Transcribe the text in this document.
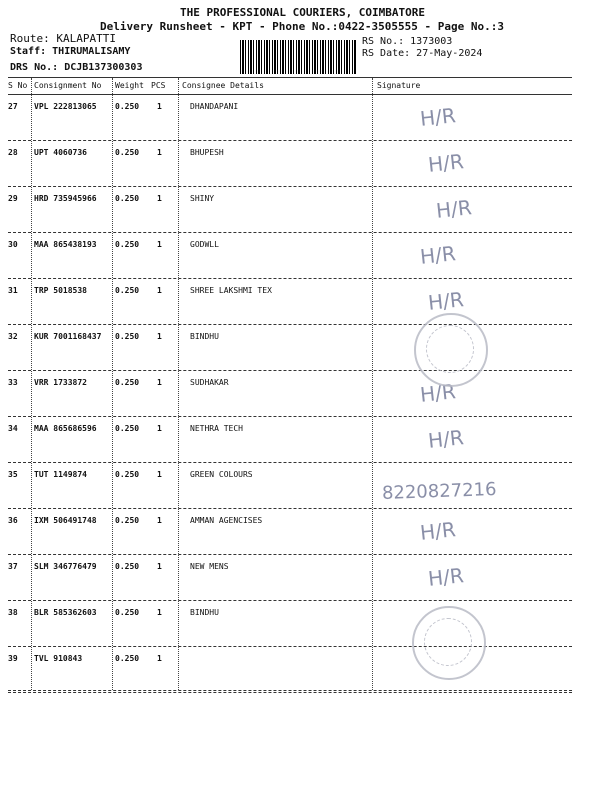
THE PROFESSIONAL COURIERS, COIMBATORE
Delivery Runsheet - KPT - Phone No.:0422-3505555 - Page No.:3
Route: KALAPATTI
Staff: THIRUMALISAMY
DRS No.: DCJB137300303
RS No.: 1373003
RS Date: 27-May-2024
S No Consignment No Weight PCS Consignee Details	Signature
27 VPL 222813065 0.250 1	DHANDAPANI	H/R
28 UPT 4060736	0.250 1	BHUPESH	H/R
29 HRD 735945966 0.250 1	SHINY	H/R
30 MAA 865438193 0.250 1	GODWLL	H/R
31 TRP 5018538	0.250 1	SHREE LAKSHMI TEX	H/R
32 KUR 7001168437 0.250 1	BINDHU
33 VRR 1733872	0.250 1	SUDHAKAR	H/R
34 MAA 865686596 0.250 1	NETHRA TECH	H/R
35 TUT 1149874	0.250 1	GREEN COLOURS
8220827216
36 IXM 506491748 0.250 1	AMMAN AGENCISES	H/R
37 SLM 346776479 0.250 1	NEW MENS	H/R
38 BLR 585362603 0.250 1	BINDHU
39 TVL 910843	0.250 1
